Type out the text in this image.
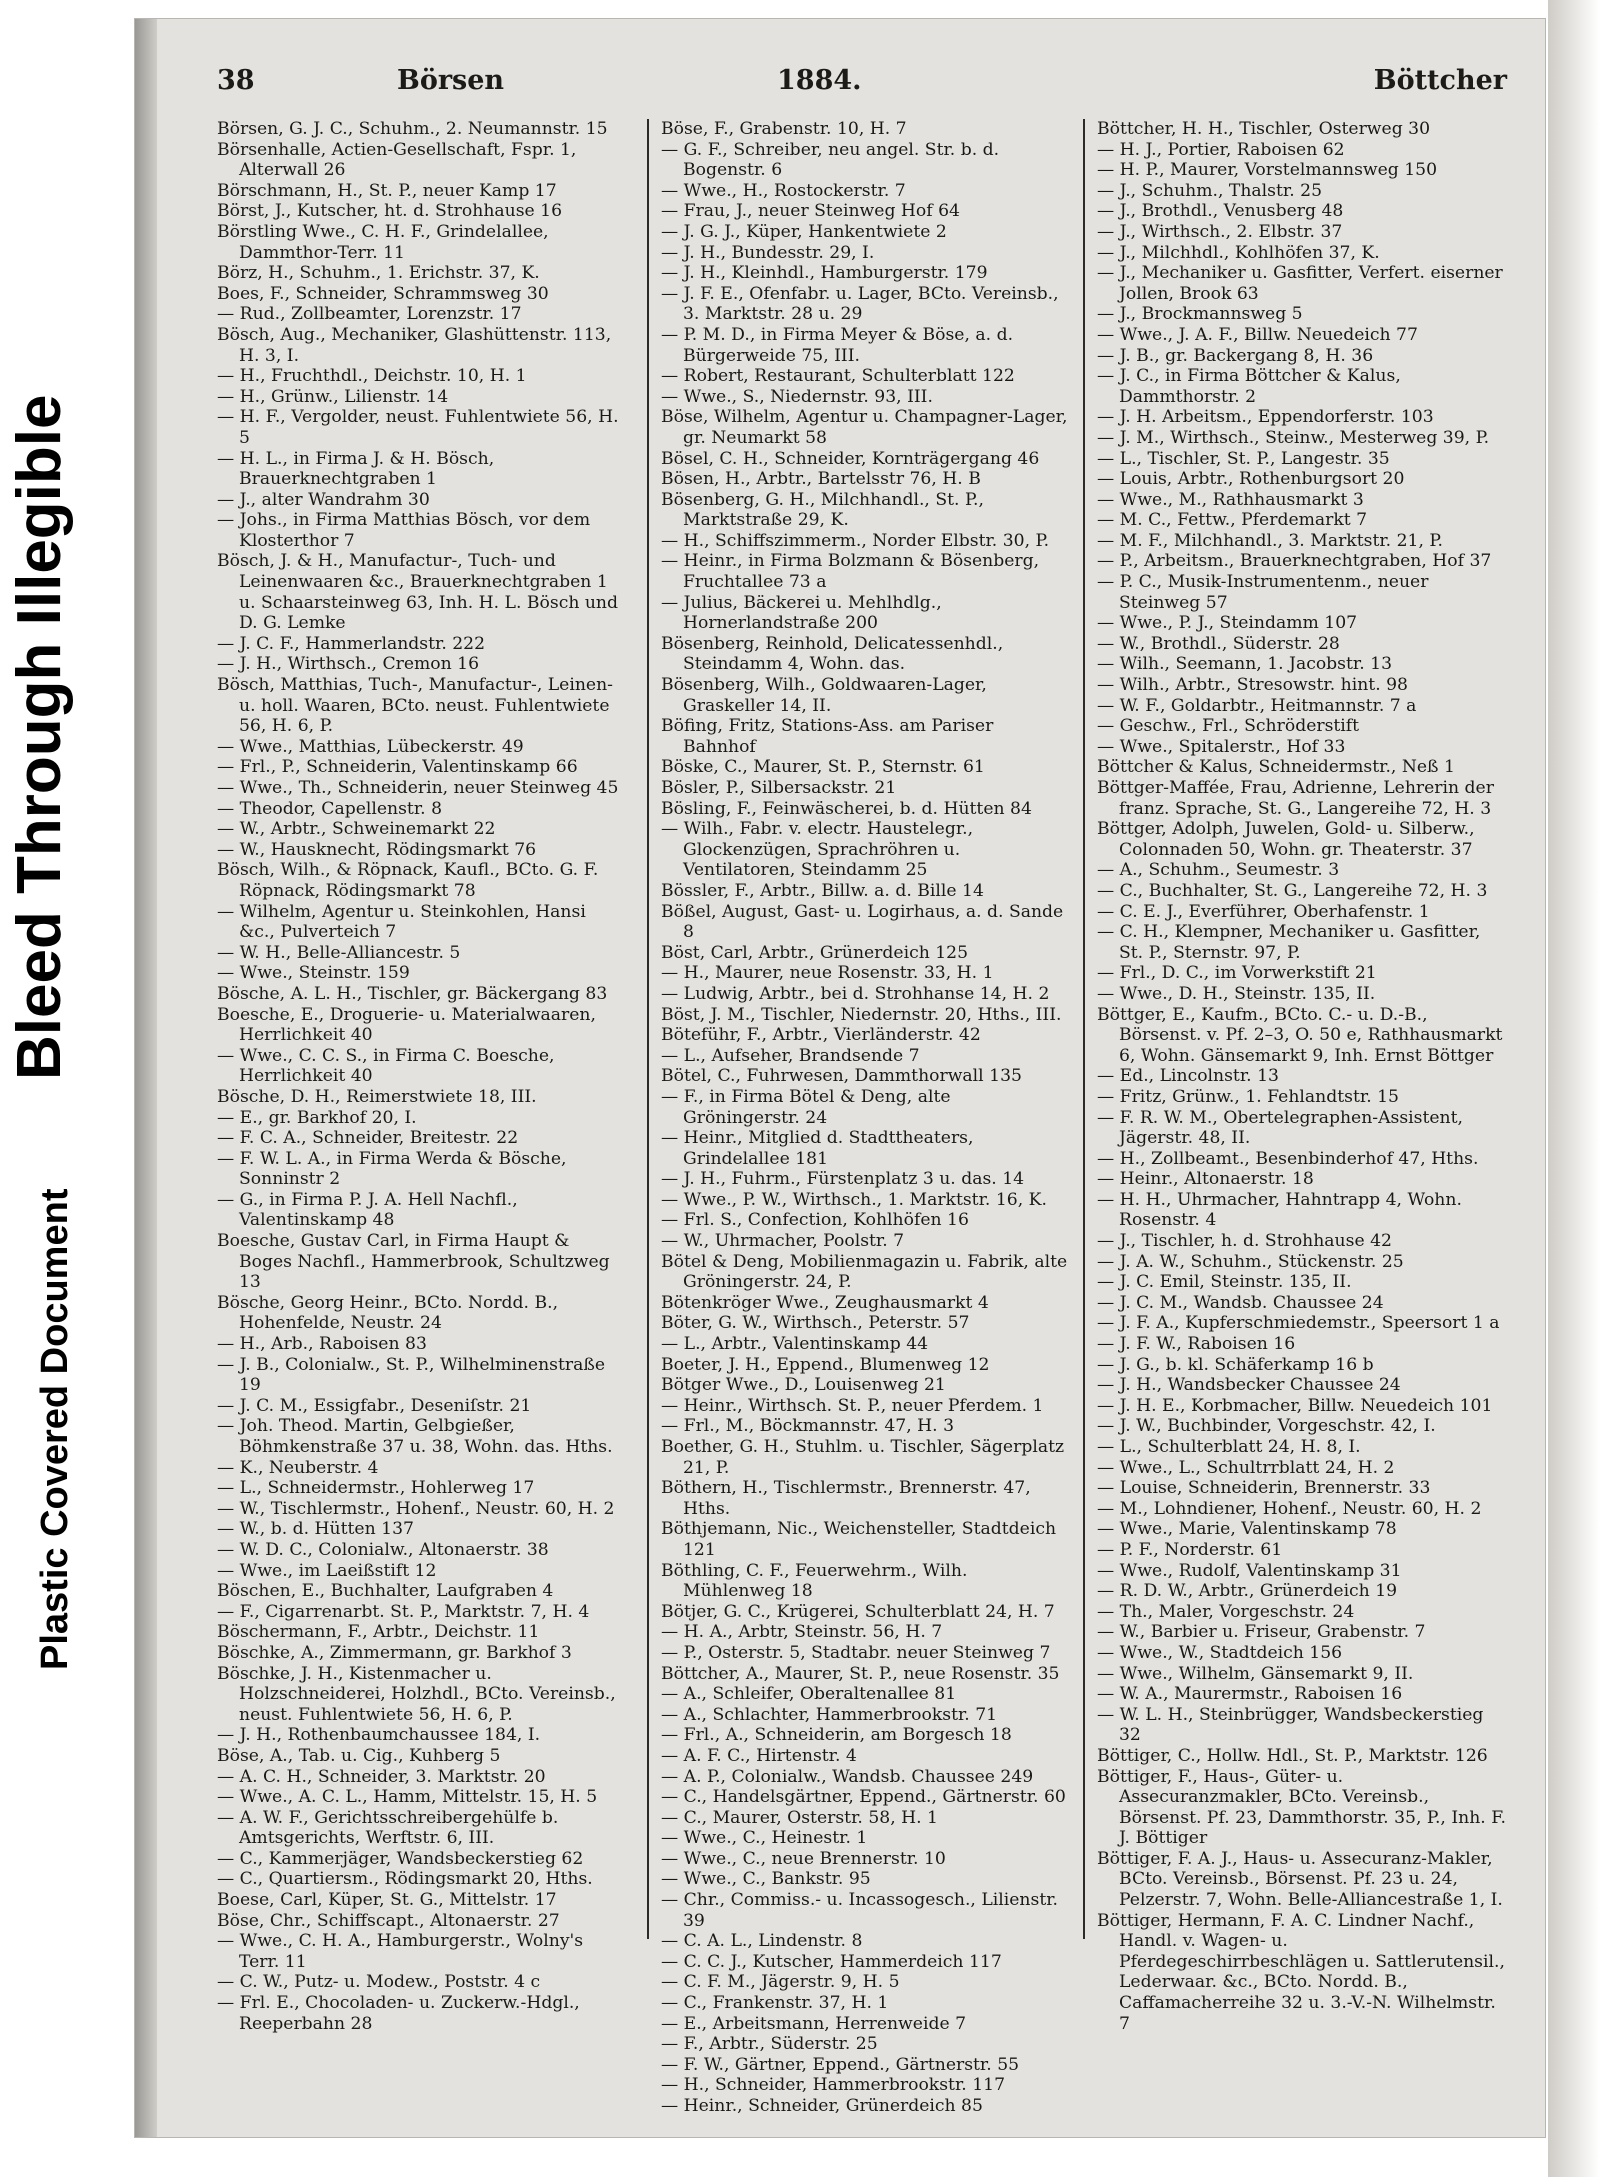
Bleed Through Illegible
Plastic Covered Document
38	Börsen	1884.	Böttcher

Börsen, G. J. C., Schuhm., 2. Neumannstr. 15

Börsenhalle, Actien-Gesellschaft, Fspr. 1, Alterwall 26

Börschmann, H., St. P., neuer Kamp 17

Börst, J., Kutscher, ht. d. Strohhause 16

Börstling Wwe., C. H. F., Grindelallee, Dammthor-Terr. 11

Börz, H., Schuhm., 1. Erichstr. 37, K.

Boes, F., Schneider, Schrammsweg 30

— Rud., Zollbeamter, Lorenzstr. 17

Bösch, Aug., Mechaniker, Glashüttenstr. 113, H. 3, I.

— H., Fruchthdl., Deichstr. 10, H. 1

— H., Grünw., Lilienstr. 14

— H. F., Vergolder, neust. Fuhlentwiete 56, H. 5

— H. L., in Firma J. & H. Bösch, Brauerknechtgraben 1

— J., alter Wandrahm 30

— Johs., in Firma Matthias Bösch, vor dem Klosterthor 7

Bösch, J. & H., Manufactur-, Tuch- und Leinenwaaren &c., Brauerknechtgraben 1 u. Schaarsteinweg 63, Inh. H. L. Bösch und D. G. Lemke

— J. C. F., Hammerlandstr. 222

— J. H., Wirthsch., Cremon 16

Bösch, Matthias, Tuch-, Manufactur-, Leinen- u. holl. Waaren, BCto. neust. Fuhlentwiete 56, H. 6, P.

— Wwe., Matthias, Lübeckerstr. 49

— Frl., P., Schneiderin, Valentinskamp 66

— Wwe., Th., Schneiderin, neuer Steinweg 45

— Theodor, Capellenstr. 8

— W., Arbtr., Schweinemarkt 22

— W., Hausknecht, Rödingsmarkt 76

Bösch, Wilh., & Röpnack, Kaufl., BCto. G. F. Röpnack, Rödingsmarkt 78

— Wilhelm, Agentur u. Steinkohlen, Hansi &c., Pulverteich 7

— W. H., Belle-Alliancestr. 5

— Wwe., Steinstr. 159

Bösche, A. L. H., Tischler, gr. Bäckergang 83

Boesche, E., Droguerie- u. Materialwaaren, Herrlichkeit 40

— Wwe., C. C. S., in Firma C. Boesche, Herrlichkeit 40

Bösche, D. H., Reimerstwiete 18, III.

— E., gr. Barkhof 20, I.

— F. C. A., Schneider, Breitestr. 22

— F. W. L. A., in Firma Werda & Bösche, Sonninstr 2

— G., in Firma P. J. A. Hell Nachfl., Valentinskamp 48

Boesche, Gustav Carl, in Firma Haupt & Boges Nachfl., Hammerbrook, Schultzweg 13

Bösche, Georg Heinr., BCto. Nordd. B., Hohenfelde, Neustr. 24

— H., Arb., Raboisen 83

— J. B., Colonialw., St. P., Wilhelminenstraße 19

— J. C. M., Essigfabr., Deseniſstr. 21

— Joh. Theod. Martin, Gelbgießer, Böhmkenstraße 37 u. 38, Wohn. das. Hths.

— K., Neuberstr. 4

— L., Schneidermstr., Hohlerweg 17

— W., Tischlermstr., Hohenf., Neustr. 60, H. 2

— W., b. d. Hütten 137

— W. D. C., Colonialw., Altonaerstr. 38

— Wwe., im Laeißstift 12

Böschen, E., Buchhalter, Laufgraben 4

— F., Cigarrenarbt. St. P., Marktstr. 7, H. 4

Böschermann, F., Arbtr., Deichstr. 11

Böschke, A., Zimmermann, gr. Barkhof 3

Böschke, J. H., Kistenmacher u. Holzschneiderei, Holzhdl., BCto. Vereinsb., neust. Fuhlentwiete 56, H. 6, P.

— J. H., Rothenbaumchaussee 184, I.

Böse, A., Tab. u. Cig., Kuhberg 5

— A. C. H., Schneider, 3. Marktstr. 20

— Wwe., A. C. L., Hamm, Mittelstr. 15, H. 5

— A. W. F., Gerichtsschreibergehülfe b. Amtsgerichts, Werftstr. 6, III.

— C., Kammerjäger, Wandsbeckerstieg 62

— C., Quartiersm., Rödingsmarkt 20, Hths.

Boese, Carl, Küper, St. G., Mittelstr. 17

Böse, Chr., Schiffscapt., Altonaerstr. 27

— Wwe., C. H. A., Hamburgerstr., Wolny's Terr. 11

— C. W., Putz- u. Modew., Poststr. 4 c

— Frl. E., Chocoladen- u. Zuckerw.-Hdgl., Reeperbahn 28

Böse, F., Grabenstr. 10, H. 7

— G. F., Schreiber, neu angel. Str. b. d. Bogenstr. 6

— Wwe., H., Rostockerstr. 7

— Frau, J., neuer Steinweg Hof 64

— J. G. J., Küper, Hankentwiete 2

— J. H., Bundesstr. 29, I.

— J. H., Kleinhdl., Hamburgerstr. 179

— J. F. E., Ofenfabr. u. Lager, BCto. Vereinsb., 3. Marktstr. 28 u. 29

— P. M. D., in Firma Meyer & Böse, a. d. Bürgerweide 75, III.

— Robert, Restaurant, Schulterblatt 122

— Wwe., S., Niedernstr. 93, III.

Böse, Wilhelm, Agentur u. Champagner-Lager, gr. Neumarkt 58

Bösel, C. H., Schneider, Kornträgergang 46

Bösen, H., Arbtr., Bartelsstr 76, H. B

Bösenberg, G. H., Milchhandl., St. P., Marktstraße 29, K.

— H., Schiffszimmerm., Norder Elbstr. 30, P.

— Heinr., in Firma Bolzmann & Bösenberg, Fruchtallee 73 a

— Julius, Bäckerei u. Mehlhdlg., Hornerlandstraße 200

Bösenberg, Reinhold, Delicatessenhdl., Steindamm 4, Wohn. das.

Bösenberg, Wilh., Goldwaaren-Lager, Graskeller 14, II.

Böfing, Fritz, Stations-Ass. am Pariser Bahnhof

Böske, C., Maurer, St. P., Sternstr. 61

Bösler, P., Silbersackstr. 21

Bösling, F., Feinwäscherei, b. d. Hütten 84

— Wilh., Fabr. v. electr. Haustelegr., Glockenzügen, Sprachröhren u. Ventilatoren, Steindamm 25

Bössler, F., Arbtr., Billw. a. d. Bille 14

Bößel, August, Gast- u. Logirhaus, a. d. Sande 8

Böst, Carl, Arbtr., Grünerdeich 125

— H., Maurer, neue Rosenstr. 33, H. 1

— Ludwig, Arbtr., bei d. Strohhanse 14, H. 2

Böst, J. M., Tischler, Niedernstr. 20, Hths., III.

Böteführ, F., Arbtr., Vierländerstr. 42

— L., Aufseher, Brandsende 7

Bötel, C., Fuhrwesen, Dammthorwall 135

— F., in Firma Bötel & Deng, alte Gröningerstr. 24

— Heinr., Mitglied d. Stadttheaters, Grindelallee 181

— J. H., Fuhrm., Fürstenplatz 3 u. das. 14

— Wwe., P. W., Wirthsch., 1. Marktstr. 16, K.

— Frl. S., Confection, Kohlhöfen 16

— W., Uhrmacher, Poolstr. 7

Bötel & Deng, Mobilienmagazin u. Fabrik, alte Gröningerstr. 24, P.

Bötenkröger Wwe., Zeughausmarkt 4

Böter, G. W., Wirthsch., Peterstr. 57

— L., Arbtr., Valentinskamp 44

Boeter, J. H., Eppend., Blumenweg 12

Bötger Wwe., D., Louisenweg 21

— Heinr., Wirthsch. St. P., neuer Pferdem. 1

— Frl., M., Böckmannstr. 47, H. 3

Boether, G. H., Stuhlm. u. Tischler, Sägerplatz 21, P.

Böthern, H., Tischlermstr., Brennerstr. 47, Hths.

Böthjemann, Nic., Weichensteller, Stadtdeich 121

Böthling, C. F., Feuerwehrm., Wilh. Mühlenweg 18

Bötjer, G. C., Krügerei, Schulterblatt 24, H. 7

— H. A., Arbtr, Steinstr. 56, H. 7

— P., Osterstr. 5, Stadtabr. neuer Steinweg 7

Böttcher, A., Maurer, St. P., neue Rosenstr. 35

— A., Schleifer, Oberaltenallee 81

— A., Schlachter, Hammerbrookstr. 71

— Frl., A., Schneiderin, am Borgesch 18

— A. F. C., Hirtenstr. 4

— A. P., Colonialw., Wandsb. Chaussee 249

— C., Handelsgärtner, Eppend., Gärtnerstr. 60

— C., Maurer, Osterstr. 58, H. 1

— Wwe., C., Heinestr. 1

— Wwe., C., neue Brennerstr. 10

— Wwe., C., Bankstr. 95

— Chr., Commiss.- u. Incassogesch., Lilienstr. 39

— C. A. L., Lindenstr. 8

— C. C. J., Kutscher, Hammerdeich 117

— C. F. M., Jägerstr. 9, H. 5

— C., Frankenstr. 37, H. 1

— E., Arbeitsmann, Herrenweide 7

— F., Arbtr., Süderstr. 25

— F. W., Gärtner, Eppend., Gärtnerstr. 55

— H., Schneider, Hammerbrookstr. 117

— Heinr., Schneider, Grünerdeich 85

Böttcher, H. H., Tischler, Osterweg 30

— H. J., Portier, Raboisen 62

— H. P., Maurer, Vorstelmannsweg 150

— J., Schuhm., Thalstr. 25

— J., Brothdl., Venusberg 48

— J., Wirthsch., 2. Elbstr. 37

— J., Milchhdl., Kohlhöfen 37, K.

— J., Mechaniker u. Gasfitter, Verfert. eiserner Jollen, Brook 63

— J., Brockmannsweg 5

— Wwe., J. A. F., Billw. Neuedeich 77

— J. B., gr. Backergang 8, H. 36

— J. C., in Firma Böttcher & Kalus, Dammthorstr. 2

— J. H. Arbeitsm., Eppendorferstr. 103

— J. M., Wirthsch., Steinw., Mesterweg 39, P.

— L., Tischler, St. P., Langestr. 35

— Louis, Arbtr., Rothenburgsort 20

— Wwe., M., Rathhausmarkt 3

— M. C., Fettw., Pferdemarkt 7

— M. F., Milchhandl., 3. Marktstr. 21, P.

— P., Arbeitsm., Brauerknechtgraben, Hof 37

— P. C., Musik-Instrumentenm., neuer Steinweg 57

— Wwe., P. J., Steindamm 107

— W., Brothdl., Süderstr. 28

— Wilh., Seemann, 1. Jacobstr. 13

— Wilh., Arbtr., Stresowstr. hint. 98

— W. F., Goldarbtr., Heitmannstr. 7 a

— Geschw., Frl., Schröderstift

— Wwe., Spitalerstr., Hof 33

Böttcher & Kalus, Schneidermstr., Neß 1

Böttger-Maffée, Frau, Adrienne, Lehrerin der franz. Sprache, St. G., Langereihe 72, H. 3

Böttger, Adolph, Juwelen, Gold- u. Silberw., Colonnaden 50, Wohn. gr. Theaterstr. 37

— A., Schuhm., Seumestr. 3

— C., Buchhalter, St. G., Langereihe 72, H. 3

— C. E. J., Everführer, Oberhafenstr. 1

— C. H., Klempner, Mechaniker u. Gasfitter, St. P., Sternstr. 97, P.

— Frl., D. C., im Vorwerkstift 21

— Wwe., D. H., Steinstr. 135, II.

Böttger, E., Kaufm., BCto. C.- u. D.-B., Börsenst. v. Pf. 2–3, O. 50 e, Rathhausmarkt 6, Wohn. Gänsemarkt 9, Inh. Ernst Böttger

— Ed., Lincolnstr. 13

— Fritz, Grünw., 1. Fehlandtstr. 15

— F. R. W. M., Obertelegraphen-Assistent, Jägerstr. 48, II.

— H., Zollbeamt., Besenbinderhof 47, Hths.

— Heinr., Altonaerstr. 18

— H. H., Uhrmacher, Hahntrapp 4, Wohn. Rosenstr. 4

— J., Tischler, h. d. Strohhause 42

— J. A. W., Schuhm., Stückenstr. 25

— J. C. Emil, Steinstr. 135, II.

— J. C. M., Wandsb. Chaussee 24

— J. F. A., Kupferschmiedemstr., Speersort 1 a

— J. F. W., Raboisen 16

— J. G., b. kl. Schäferkamp 16 b

— J. H., Wandsbecker Chaussee 24

— J. H. E., Korbmacher, Billw. Neuedeich 101

— J. W., Buchbinder, Vorgeschstr. 42, I.

— L., Schulterblatt 24, H. 8, I.

— Wwe., L., Schultrrblatt 24, H. 2

— Louise, Schneiderin, Brennerstr. 33

— M., Lohndiener, Hohenf., Neustr. 60, H. 2

— Wwe., Marie, Valentinskamp 78

— P. F., Norderstr. 61

— Wwe., Rudolf, Valentinskamp 31

— R. D. W., Arbtr., Grünerdeich 19

— Th., Maler, Vorgeschstr. 24

— W., Barbier u. Friseur, Grabenstr. 7

— Wwe., W., Stadtdeich 156

— Wwe., Wilhelm, Gänsemarkt 9, II.

— W. A., Maurermstr., Raboisen 16

— W. L. H., Steinbrügger, Wandsbeckerstieg 32

Böttiger, C., Hollw. Hdl., St. P., Marktstr. 126

Böttiger, F., Haus-, Güter- u. Assecuranzmakler, BCto. Vereinsb., Börsenst. Pf. 23, Dammthorstr. 35, P., Inh. F. J. Böttiger

Böttiger, F. A. J., Haus- u. Assecuranz-Makler, BCto. Vereinsb., Börsenst. Pf. 23 u. 24, Pelzerstr. 7, Wohn. Belle-Alliancestraße 1, I.

Böttiger, Hermann, F. A. C. Lindner Nachf., Handl. v. Wagen- u. Pferdegeschirrbeschlägen u. Sattlerutensil., Lederwaar. &c., BCto. Nordd. B., Caffamacherreihe 32 u. 3.-V.-N. Wilhelmstr. 7
